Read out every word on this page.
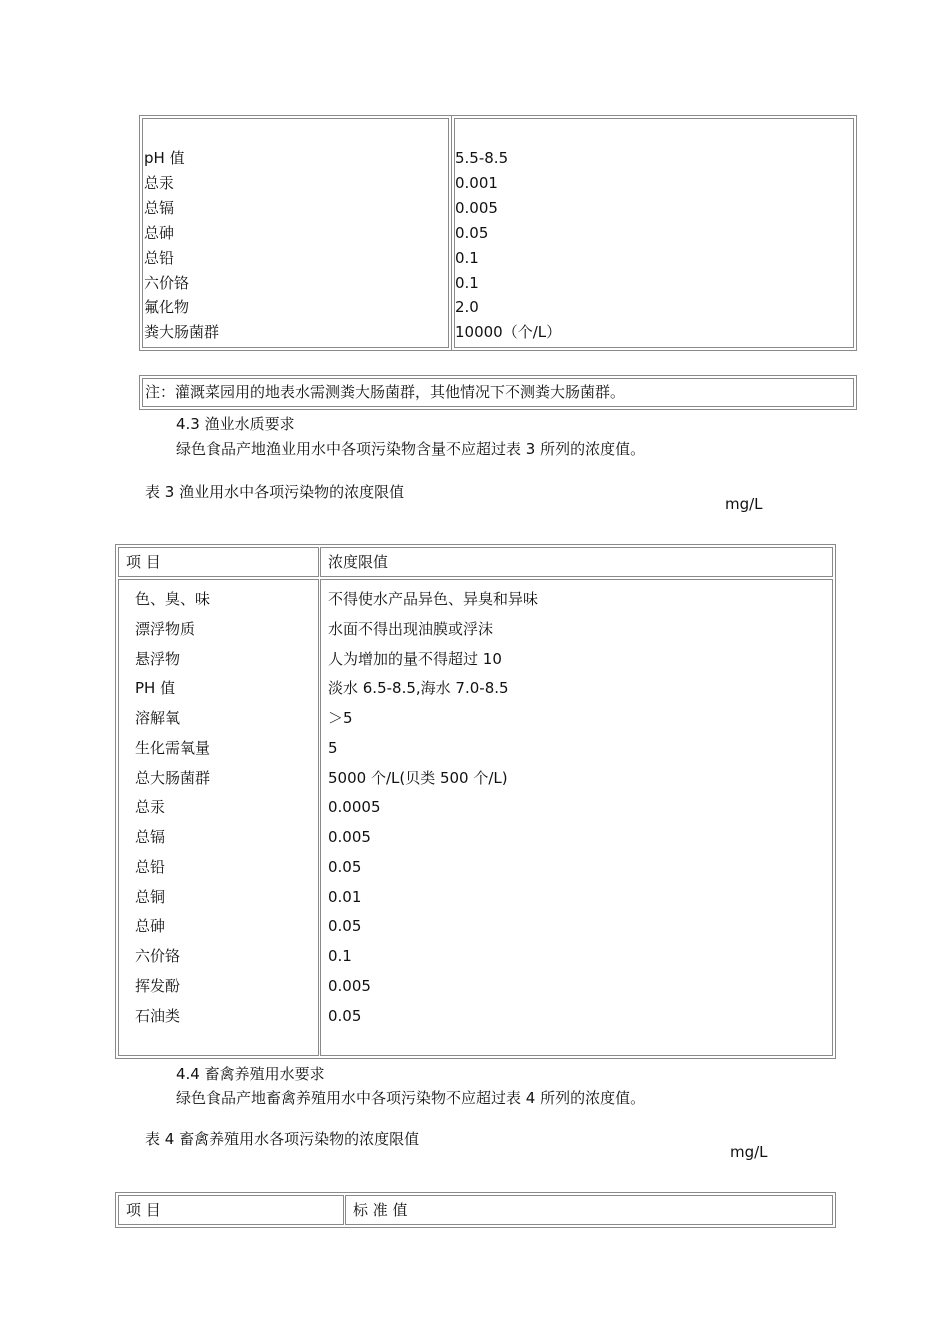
pH 值	5.5-8.5
总汞	0.001
总镉	0.005
总砷	0.05
总铅	0.1
六价铬	0.1
氟化物	2.0
粪大肠菌群	10000（个/L）
注：灌溉菜园用的地表水需测粪大肠菌群，其他情况下不测粪大肠菌群。
4.3 渔业水质要求
绿色食品产地渔业用水中各项污染物含量不应超过表 3 所列的浓度值。
表 3 渔业用水中各项污染物的浓度限值
mg/L
项 目	浓度限值
色、臭、味	不得使水产品异色、异臭和异味
漂浮物质	水面不得出现油膜或浮沫
悬浮物	人为增加的量不得超过 10
PH 值	淡水 6.5-8.5,海水 7.0-8.5
溶解氧	＞5
生化需氧量	5
总大肠菌群	5000 个/L(贝类 500 个/L)
总汞	0.0005
总镉	0.005
总铅	0.05
总铜	0.01
总砷	0.05
六价铬	0.1
挥发酚	0.005
石油类	0.05
4.4 畜禽养殖用水要求
绿色食品产地畜禽养殖用水中各项污染物不应超过表 4 所列的浓度值。
表 4 畜禽养殖用水各项污染物的浓度限值
mg/L
项 目	标 准 值
